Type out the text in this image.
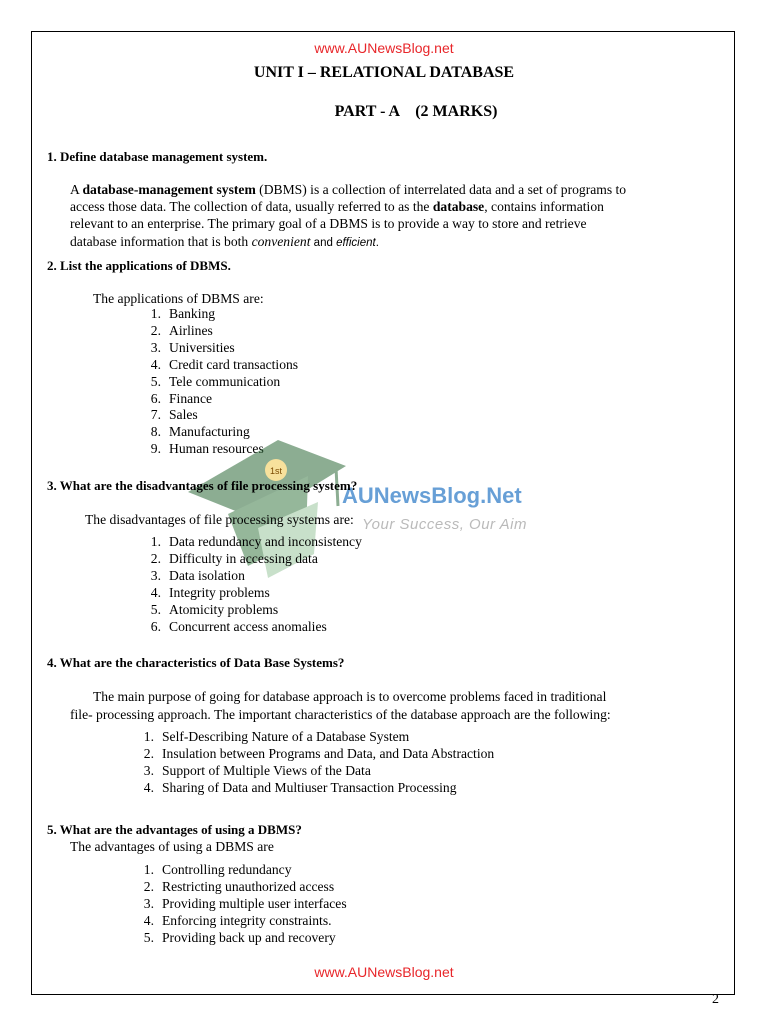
www.AUNewsBlog.net
UNIT I – RELATIONAL DATABASE
PART - A    (2 MARKS)
1. Define database management system.
A database-management system (DBMS) is a collection of interrelated data and a set of programs to
access those data. The collection of data, usually referred to as the database, contains information
relevant to an enterprise. The primary goal of a DBMS is to provide a way to store and retrieve
database information that is both convenient and efficient.
2. List the applications of DBMS.
The applications of DBMS are:
1. Banking
2. Airlines
3. Universities
4. Credit card transactions
5. Tele communication
6. Finance
7. Sales
8. Manufacturing
9. Human resources
1st
AUNewsBlog.Net
Your Success, Our Aim
3. What are the disadvantages of file processing system?
The disadvantages of file processing systems are:
1. Data redundancy and inconsistency
2. Difficulty in accessing data
3. Data isolation
4. Integrity problems
5. Atomicity problems
6. Concurrent access anomalies
4. What are the characteristics of Data Base Systems?
The main purpose of going for database approach is to overcome problems faced in traditional
file- processing approach. The important characteristics of the database approach are the following:
1. Self-Describing Nature of a Database System
2. Insulation between Programs and Data, and Data Abstraction
3. Support of Multiple Views of the Data
4. Sharing of Data and Multiuser Transaction Processing
5. What are the advantages of using a DBMS?
The advantages of using a DBMS are
1. Controlling redundancy
2. Restricting unauthorized access
3. Providing multiple user interfaces
4. Enforcing integrity constraints.
5. Providing back up and recovery
www.AUNewsBlog.net
2
